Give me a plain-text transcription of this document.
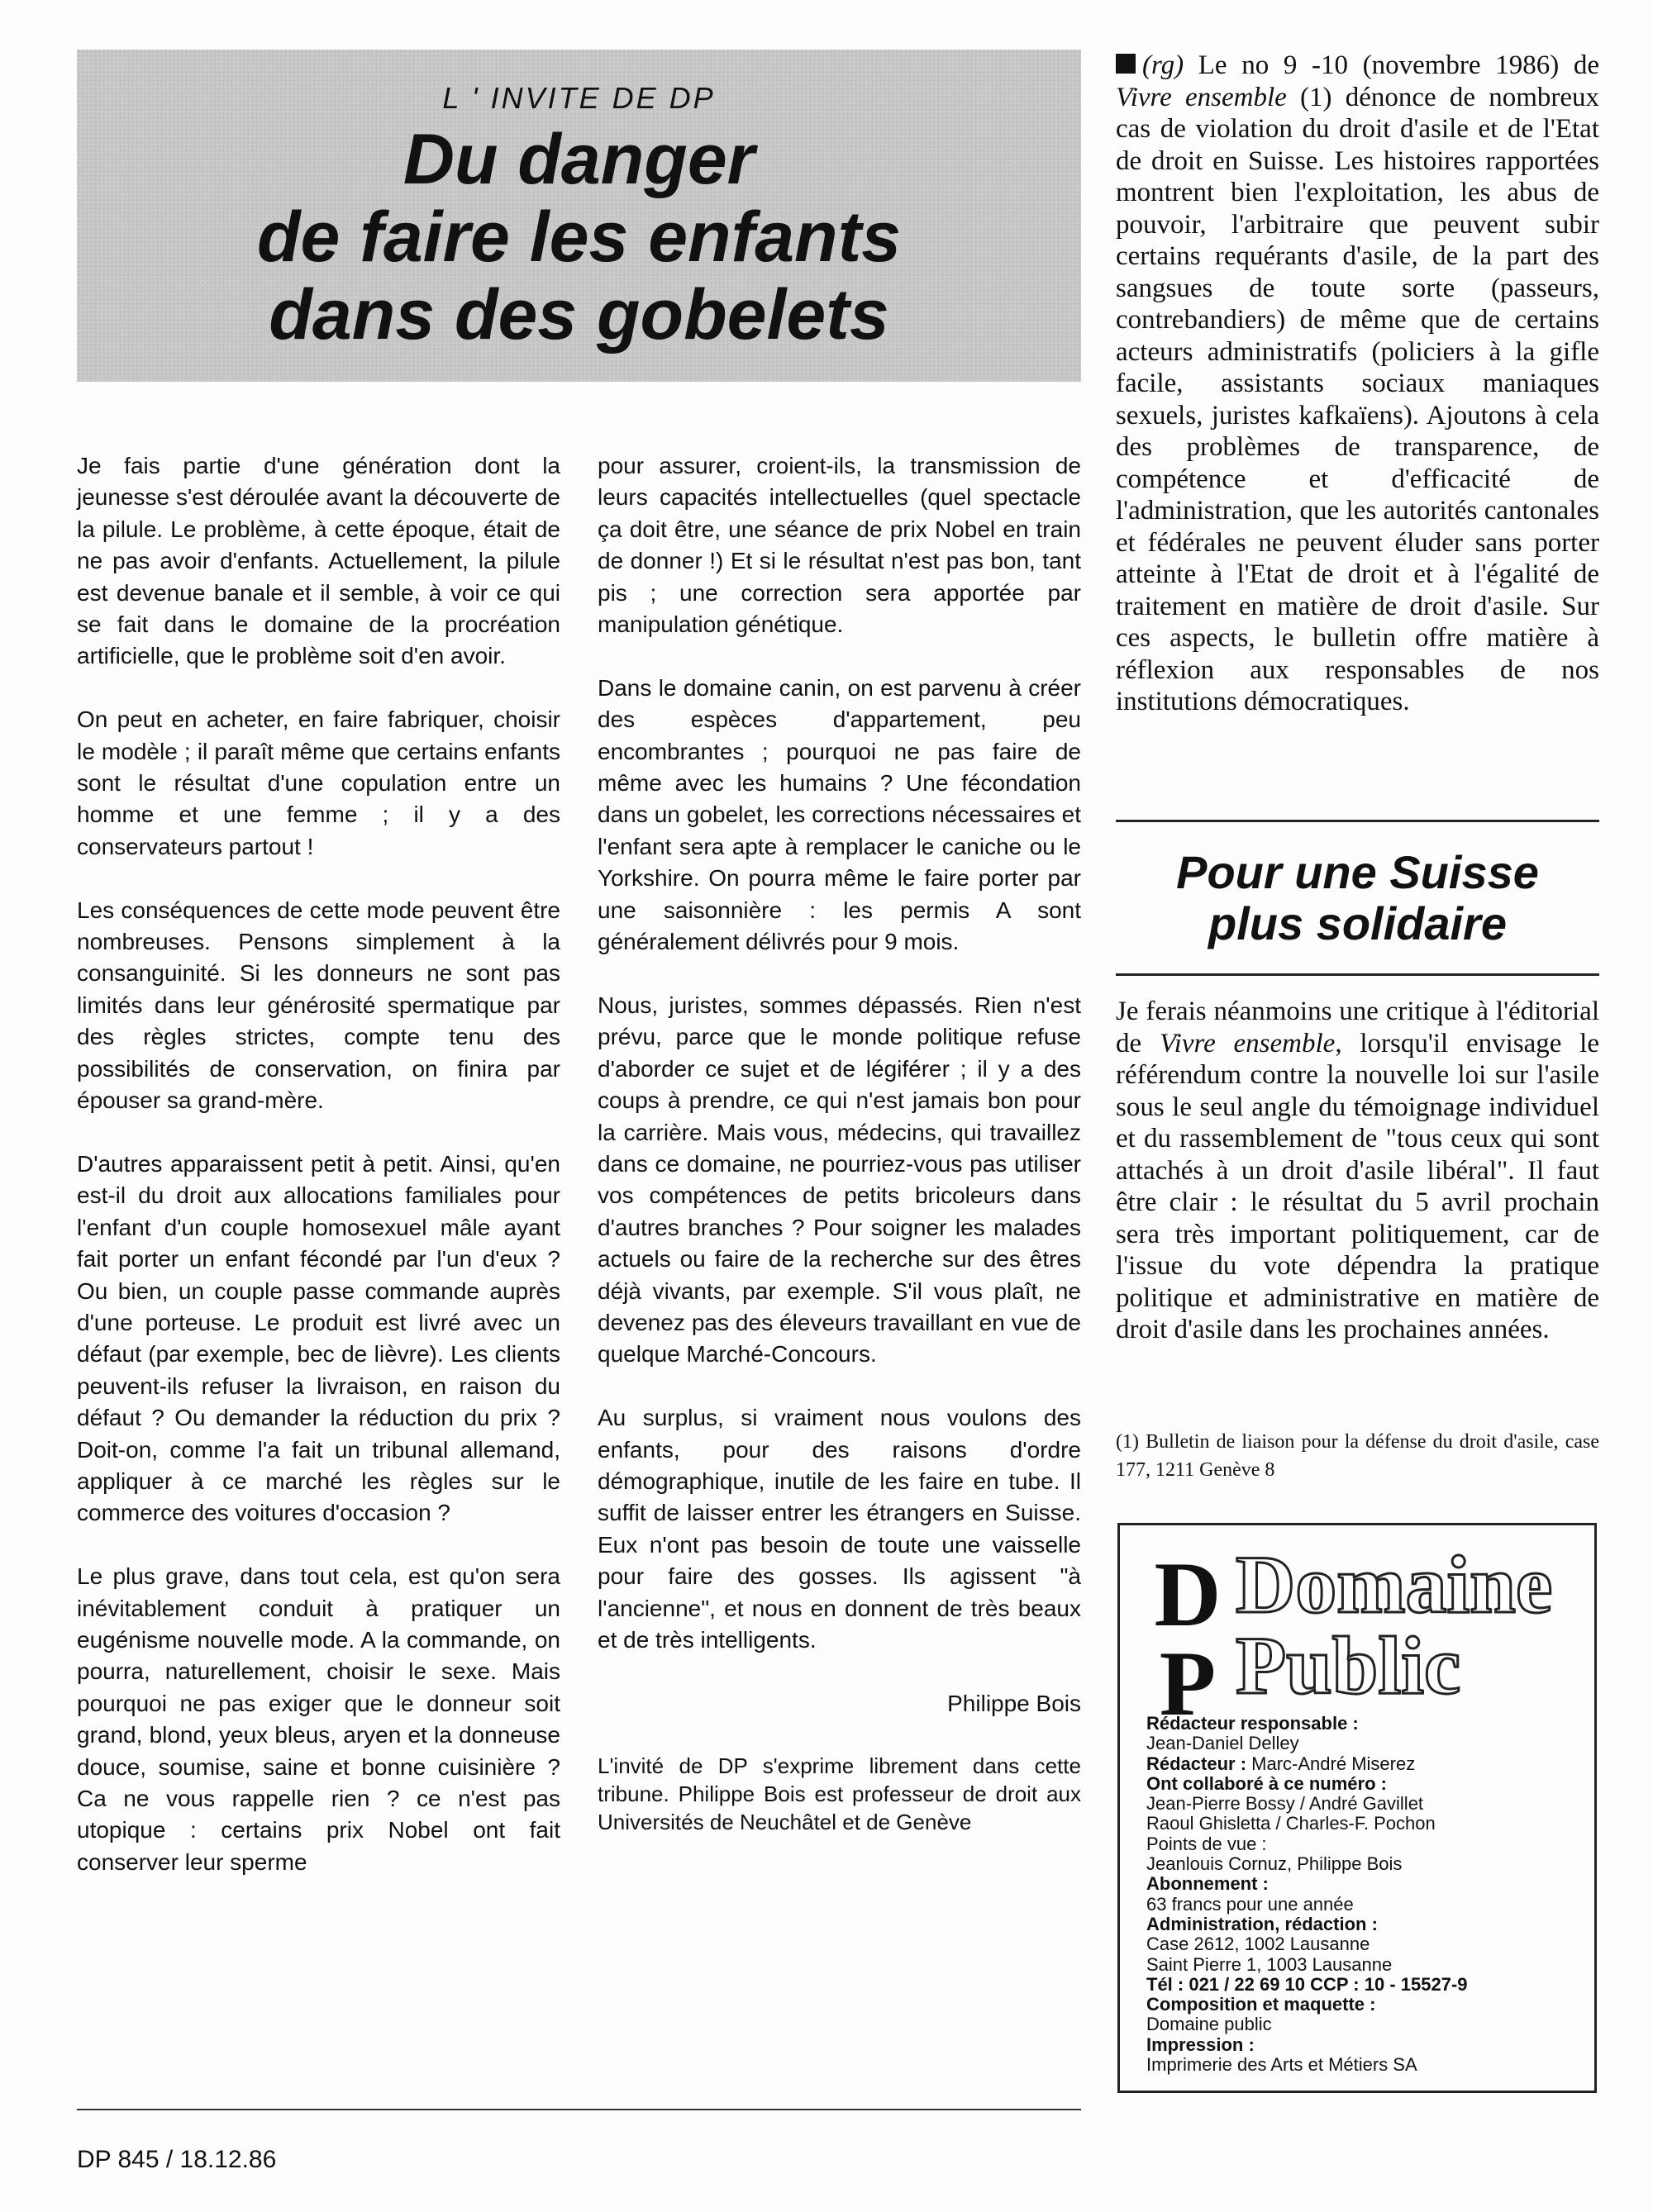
L ' INVITE DE DP
Du danger
de faire les enfants
dans des gobelets

Je fais partie d'une génération dont la jeunesse s'est déroulée avant la découverte de la pilule. Le problème, à cette époque, était de ne pas avoir d'enfants. Actuellement, la pilule est devenue banale et il semble, à voir ce qui se fait dans le domaine de la procréation artificielle, que le problème soit d'en avoir.

On peut en acheter, en faire fabriquer, choisir le modèle ; il paraît même que certains enfants sont le résultat d'une copulation entre un homme et une femme ; il y a des conservateurs partout !

Les conséquences de cette mode peuvent être nombreuses. Pensons simplement à la consanguinité. Si les donneurs ne sont pas limités dans leur générosité spermatique par des règles strictes, compte tenu des possibilités de conservation, on finira par épouser sa grand-mère.

D'autres apparaissent petit à petit. Ainsi, qu'en est-il du droit aux allocations familiales pour l'enfant d'un couple homosexuel mâle ayant fait porter un enfant fécondé par l'un d'eux ? Ou bien, un couple passe commande auprès d'une porteuse. Le produit est livré avec un défaut (par exemple, bec de lièvre). Les clients peuvent-ils refuser la livraison, en raison du défaut ? Ou demander la réduction du prix ? Doit-on, comme l'a fait un tribunal allemand, appliquer à ce marché les règles sur le commerce des voitures d'occasion ?

Le plus grave, dans tout cela, est qu'on sera inévitablement conduit à pratiquer un eugénisme nouvelle mode. A la commande, on pourra, naturellement, choisir le sexe. Mais pourquoi ne pas exiger que le donneur soit grand, blond, yeux bleus, aryen et la donneuse douce, soumise, saine et bonne cuisinière ? Ca ne vous rappelle rien ? ce n'est pas utopique : certains prix Nobel ont fait conserver leur sperme

pour assurer, croient-ils, la transmission de leurs capacités intellectuelles (quel spectacle ça doit être, une séance de prix Nobel en train de donner !) Et si le résultat n'est pas bon, tant pis ; une correction sera apportée par manipulation génétique.

Dans le domaine canin, on est parvenu à créer des espèces d'appartement, peu encombrantes ; pourquoi ne pas faire de même avec les humains ? Une fécondation dans un gobelet, les corrections nécessaires et l'enfant sera apte à remplacer le caniche ou le Yorkshire. On pourra même le faire porter par une saisonnière : les permis A sont généralement délivrés pour 9 mois.

Nous, juristes, sommes dépassés. Rien n'est prévu, parce que le monde politique refuse d'aborder ce sujet et de légiférer ; il y a des coups à prendre, ce qui n'est jamais bon pour la carrière. Mais vous, médecins, qui travaillez dans ce domaine, ne pourriez-vous pas utiliser vos compétences de petits bricoleurs dans d'autres branches ? Pour soigner les malades actuels ou faire de la recherche sur des êtres déjà vivants, par exemple. S'il vous plaît, ne devenez pas des éleveurs travaillant en vue de quelque Marché-Concours.

Au surplus, si vraiment nous voulons des enfants, pour des raisons d'ordre démographique, inutile de les faire en tube. Il suffit de laisser entrer les étrangers en Suisse. Eux n'ont pas besoin de toute une vaisselle pour faire des gosses. Ils agissent "à l'ancienne", et nous en donnent de très beaux et de très intelligents.

Philippe Bois
L'invité de DP s'exprime librement dans cette tribune. Philippe Bois est professeur de droit aux Universités de Neuchâtel et de Genève
(rg) Le no 9 -10 (novembre 1986) de Vivre ensemble (1) dénonce de nombreux cas de violation du droit d'asile et de l'Etat de droit en Suisse. Les histoires rapportées montrent bien l'exploitation, les abus de pouvoir, l'arbitraire que peuvent subir certains requérants d'asile, de la part des sangsues de toute sorte (passeurs, contrebandiers) de même que de certains acteurs administratifs (policiers à la gifle facile, assistants sociaux maniaques sexuels, juristes kafkaïens). Ajoutons à cela des problèmes de transparence, de compétence et d'efficacité de l'administration, que les autorités cantonales et fédérales ne peuvent éluder sans porter atteinte à l'Etat de droit et à l'égalité de traitement en matière de droit d'asile. Sur ces aspects, le bulletin offre matière à réflexion aux responsables de nos institutions démocratiques.
Pour une Suisse
plus solidaire
Je ferais néanmoins une critique à l'éditorial de Vivre ensemble, lorsqu'il envisage le référendum contre la nouvelle loi sur l'asile sous le seul angle du témoignage individuel et du rassemblement de "tous ceux qui sont attachés à un droit d'asile libéral". Il faut être clair : le résultat du 5 avril prochain sera très important politiquement, car de l'issue du vote dépendra la pratique politique et administrative en matière de droit d'asile dans les prochaines années.
(1) Bulletin de liaison pour la défense du droit d'asile, case 177, 1211 Genève 8
D
P
Domaine
Public
Rédacteur responsable :
Jean-Daniel Delley
Rédacteur : Marc-André Miserez
Ont collaboré à ce numéro :
Jean-Pierre Bossy / André Gavillet
Raoul Ghisletta / Charles-F. Pochon
Points de vue :
Jeanlouis Cornuz, Philippe Bois
Abonnement :
63 francs pour une année
Administration, rédaction :
Case 2612, 1002 Lausanne
Saint Pierre 1, 1003 Lausanne
Tél : 021 / 22 69 10 CCP : 10 - 15527-9
Composition et maquette :
Domaine public
Impression :
Imprimerie des Arts et Métiers SA
DP 845 / 18.12.86
